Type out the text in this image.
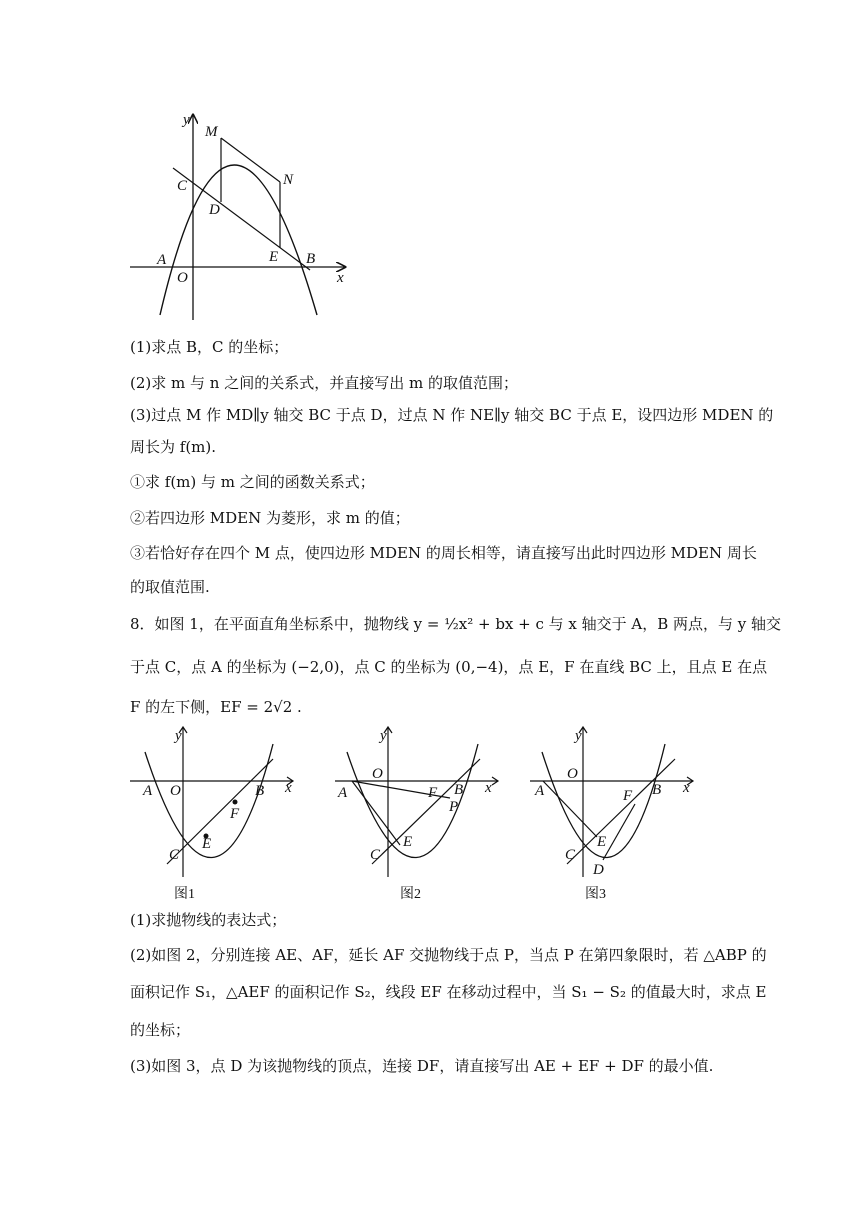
y
M
C	N
D
A
O
E B
x
(1)求点 B，C 的坐标；
(2)求 m 与 n 之间的关系式，并直接写出 m 的取值范围；
(3)过点 M 作 MD∥y 轴交 BC 于点 D，过点 N 作 NE∥y 轴交 BC 于点 E，设四边形 MDEN 的
周长为 f(m).
①求 f(m) 与 m 之间的函数关系式；
②若四边形 MDEN 为菱形，求 m 的值；
③若恰好存在四个 M 点，使四边形 MDEN 的周长相等，请直接写出此时四边形 MDEN 周长
的取值范围.
8．如图 1，在平面直角坐标系中，抛物线 y = ½x² + bx + c 与 x 轴交于 A，B 两点，与 y 轴交
于点 C，点 A 的坐标为 (−2,0)，点 C 的坐标为 (0,−4)，点 E，F 在直线 BC 上，且点 E 在点
F 的左下侧，EF = 2√2 .
A O
y
B x
F
E
C
图1
A
O
y
F B
P
x
E
C
图2
A
O
y
F B x
E
C
D
图3
(1)求抛物线的表达式；
(2)如图 2，分别连接 AE、AF，延长 AF 交抛物线于点 P，当点 P 在第四象限时，若 △ABP 的
面积记作 S₁，△AEF 的面积记作 S₂，线段 EF 在移动过程中，当 S₁ − S₂ 的值最大时，求点 E
的坐标；
(3)如图 3，点 D 为该抛物线的顶点，连接 DF，请直接写出 AE + EF + DF 的最小值.
